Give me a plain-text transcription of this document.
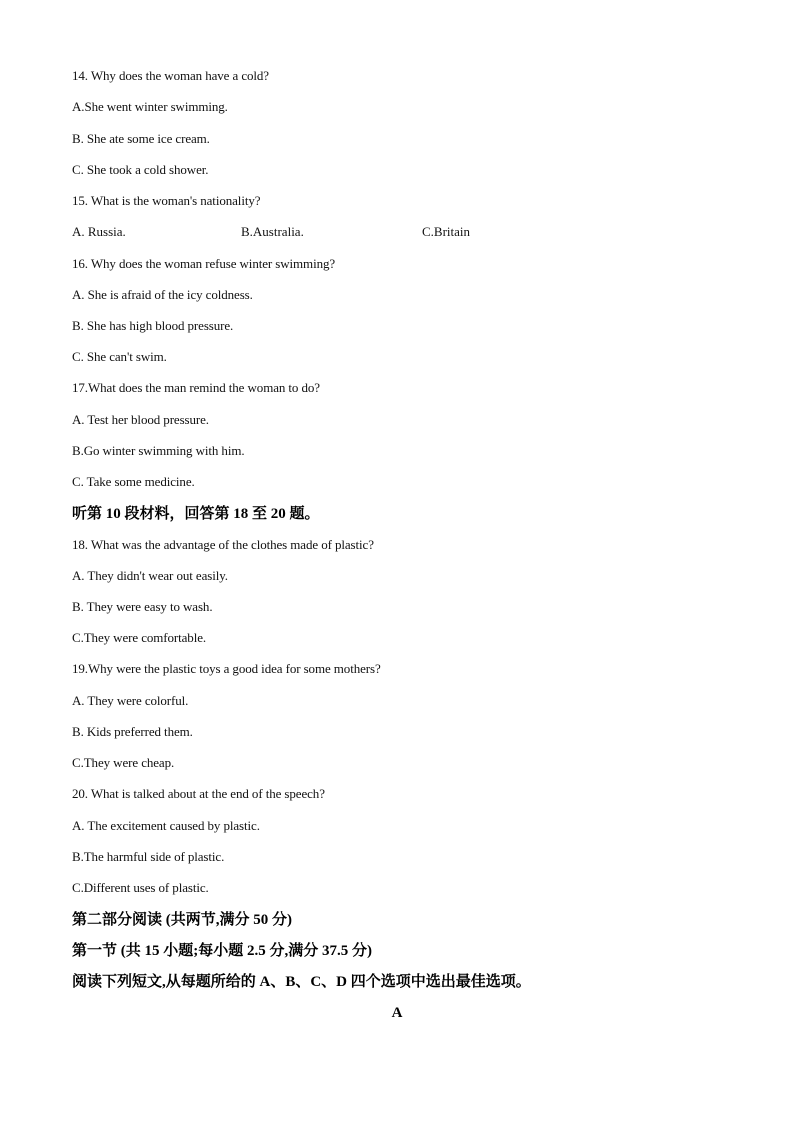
14. Why does the woman have a cold?
A.She went winter swimming.
B. She ate some ice cream.
C. She took a cold shower.
15. What is the woman's nationality?
A. Russia.	B.Australia.	C.Britain
16. Why does the woman refuse winter swimming?
A. She is afraid of the icy coldness.
B. She has high blood pressure.
C. She can't swim.
17.What does the man remind the woman to do?
A. Test her blood pressure.
B.Go winter swimming with him.
C. Take some medicine.
听第 10 段材料，回答第 18 至 20 题。
18. What was the advantage of the clothes made of plastic?
A. They didn't wear out easily.
B. They were easy to wash.
C.They were comfortable.
19.Why were the plastic toys a good idea for some mothers?
A. They were colorful.
B. Kids preferred them.
C.They were cheap.
20. What is talked about at the end of the speech?
A. The excitement caused by plastic.
B.The harmful side of plastic.
C.Different uses of plastic.
第二部分阅读 (共两节,满分 50 分)
第一节 (共 15 小题;每小题 2.5 分,满分 37.5 分)
阅读下列短文,从每题所给的 A、B、C、D 四个选项中选出最佳选项。
A
